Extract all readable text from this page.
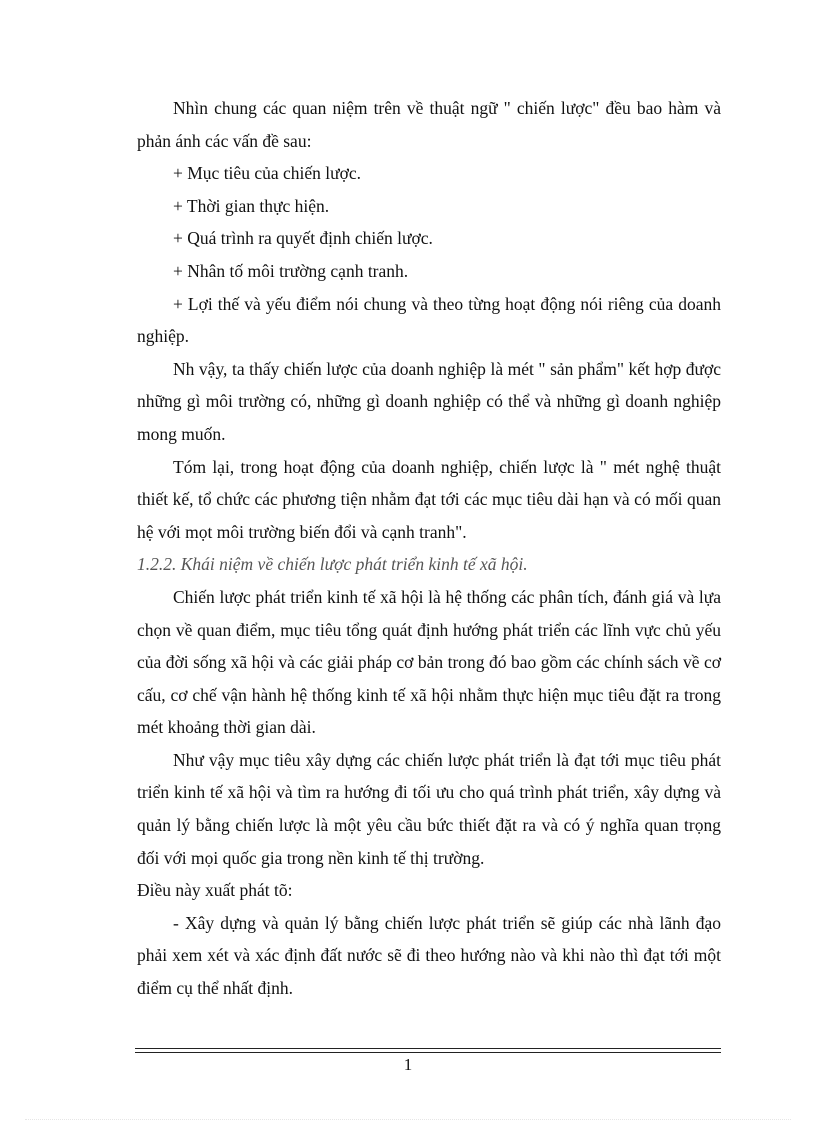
Nhìn chung các quan niệm trên về thuật ngữ " chiến lược" đều bao hàm và phản ánh các vấn đề sau:

+ Mục tiêu của chiến lược.

+ Thời gian thực hiện.

+ Quá trình ra quyết định chiến lược.

+ Nhân tố môi trường cạnh tranh.

+ Lợi thế và yếu điểm nói chung và theo từng hoạt động nói riêng của doanh nghiệp.

Nh vậy, ta thấy chiến lược của doanh nghiệp là mét " sản phẩm" kết hợp được những gì môi trường có, những gì doanh nghiệp có thể và những gì doanh nghiệp mong muốn.

Tóm lại, trong hoạt động của doanh nghiệp, chiến lược là " mét nghệ thuật thiết kế, tổ chức các phương tiện nhằm đạt tới các mục tiêu dài hạn và có mối quan hệ với mọt môi trường biến đổi và cạnh tranh".

1.2.2. Khái niệm về chiến lược phát triển kinh tế xã hội.

Chiến lược phát triển kinh tế xã hội là hệ thống các phân tích, đánh giá và lựa chọn về quan điểm, mục tiêu tổng quát định hướng phát triển các lĩnh vực chủ yếu của đời sống xã hội và các giải pháp cơ bản trong đó bao gồm các chính sách về cơ cấu, cơ chế vận hành hệ thống kinh tế xã hội nhằm thực hiện mục tiêu đặt ra trong mét khoảng thời gian dài.

Như vậy mục tiêu xây dựng các chiến lược phát triển là đạt tới mục tiêu phát triển kinh tế xã hội và tìm ra hướng đi tối ưu cho quá trình phát triển, xây dựng và quản lý bằng chiến lược là một yêu cầu bức thiết đặt ra và có ý nghĩa quan trọng đối với mọi quốc gia trong nền kinh tế thị trường.

Điều này xuất phát tõ:

- Xây dựng và quản lý bằng chiến lược phát triển sẽ giúp các nhà lãnh đạo phải xem xét và xác định đất nước sẽ đi theo hướng nào và khi nào thì đạt tới một điểm cụ thể nhất định.

1
